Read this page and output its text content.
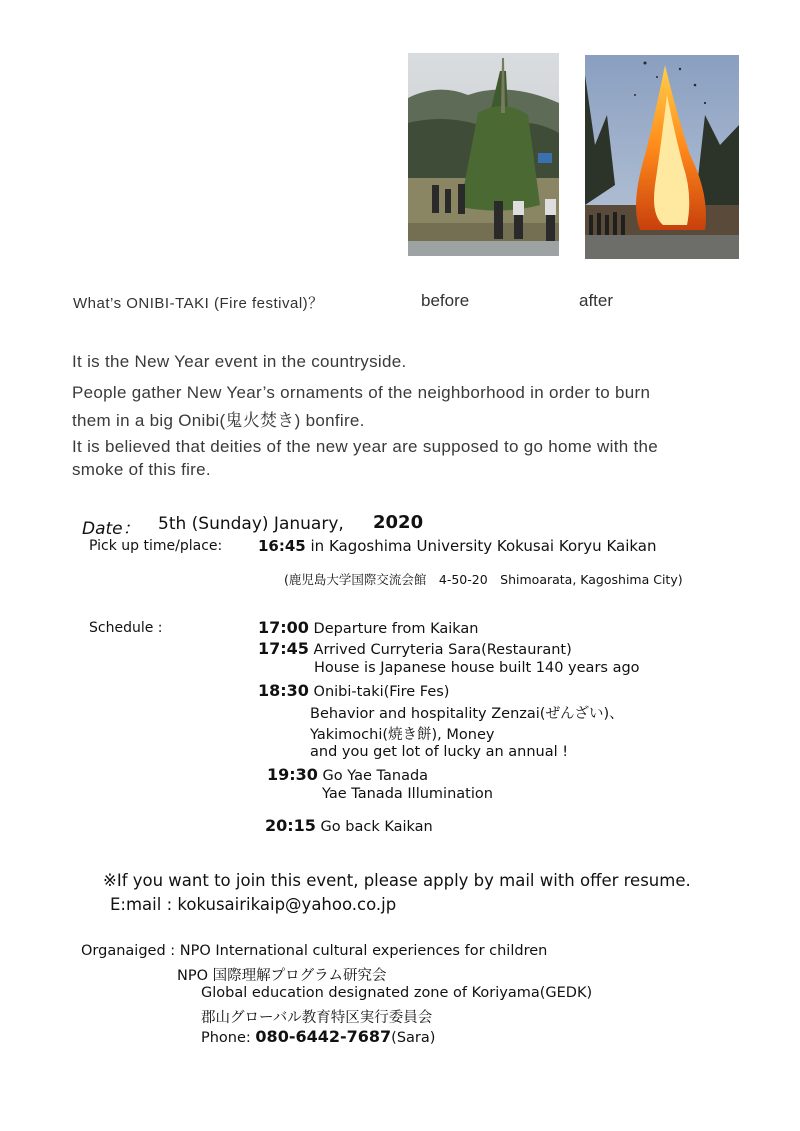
What’s ONIBI-TAKI (Fire festival)？	before	after
It is the New Year event in the countryside.
People gather New Year’s ornaments of the neighborhood in order to burn
them in a big Onibi(鬼火焚き) bonfire.
It is believed that deities of the new year are supposed to go home with the
smoke of this fire.
Date： 5th (Sunday) January, 2020
Pick up time/place: 16:45 in Kagoshima University Kokusai Koryu Kaikan
(鹿児島大学国際交流会館　4-50-20　Shimoarata, Kagoshima City)
Schedule :	17:00 Departure from Kaikan
17:45 Arrived Curryteria Sara(Restaurant)
House is Japanese house built 140 years ago
18:30 Onibi-taki(Fire Fes)
Behavior and hospitality Zenzai(ぜんざい)、
Yakimochi(焼き餅), Money
and you get lot of lucky an annual !
19:30 Go Yae Tanada
Yae Tanada Illumination
20:15 Go back Kaikan
※If you want to join this event, please apply by mail with offer resume.
E:mail : kokusairikaip@yahoo.co.jp
Organaiged : NPO International cultural experiences for children
NPO 国際理解プログラム研究会
Global education designated zone of Koriyama(GEDK)
郡山グローバル教育特区実行委員会
Phone: 080-6442-7687(Sara)
